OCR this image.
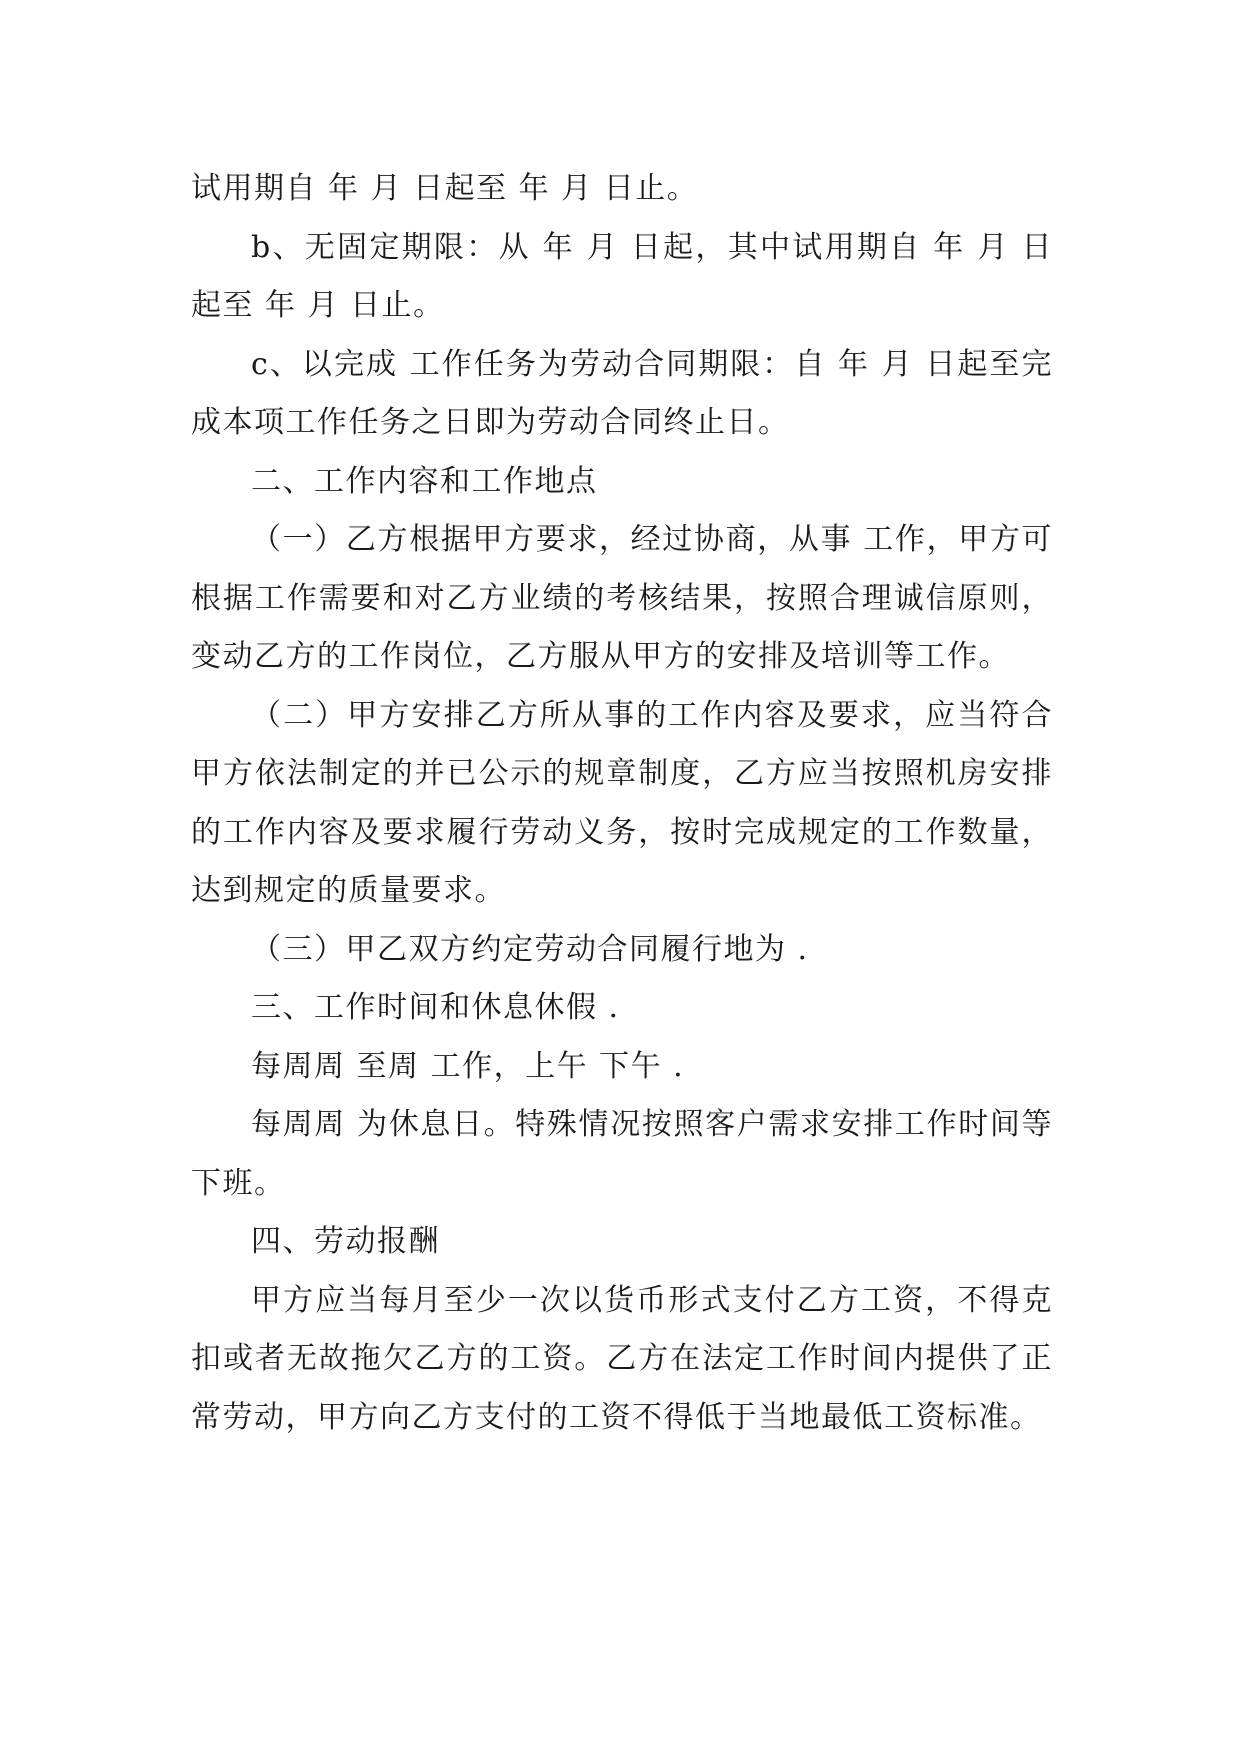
试用期自 年 月 日起至 年 月 日止。

b、无固定期限：从 年 月 日起，其中试用期自 年 月 日起至 年 月 日止。

c、以完成 工作任务为劳动合同期限：自 年 月 日起至完成本项工作任务之日即为劳动合同终止日。

二、工作内容和工作地点

（一）乙方根据甲方要求，经过协商，从事 工作，甲方可根据工作需要和对乙方业绩的考核结果，按照合理诚信原则，变动乙方的工作岗位，乙方服从甲方的安排及培训等工作。

（二）甲方安排乙方所从事的工作内容及要求，应当符合甲方依法制定的并已公示的规章制度，乙方应当按照机房安排的工作内容及要求履行劳动义务，按时完成规定的工作数量，达到规定的质量要求。

（三）甲乙双方约定劳动合同履行地为 .

三、工作时间和休息休假 .

每周周 至周 工作，上午 下午 .

每周周 为休息日。特殊情况按照客户需求安排工作时间等下班。

四、劳动报酬

甲方应当每月至少一次以货币形式支付乙方工资，不得克扣或者无故拖欠乙方的工资。乙方在法定工作时间内提供了正常劳动，甲方向乙方支付的工资不得低于当地最低工资标准。
